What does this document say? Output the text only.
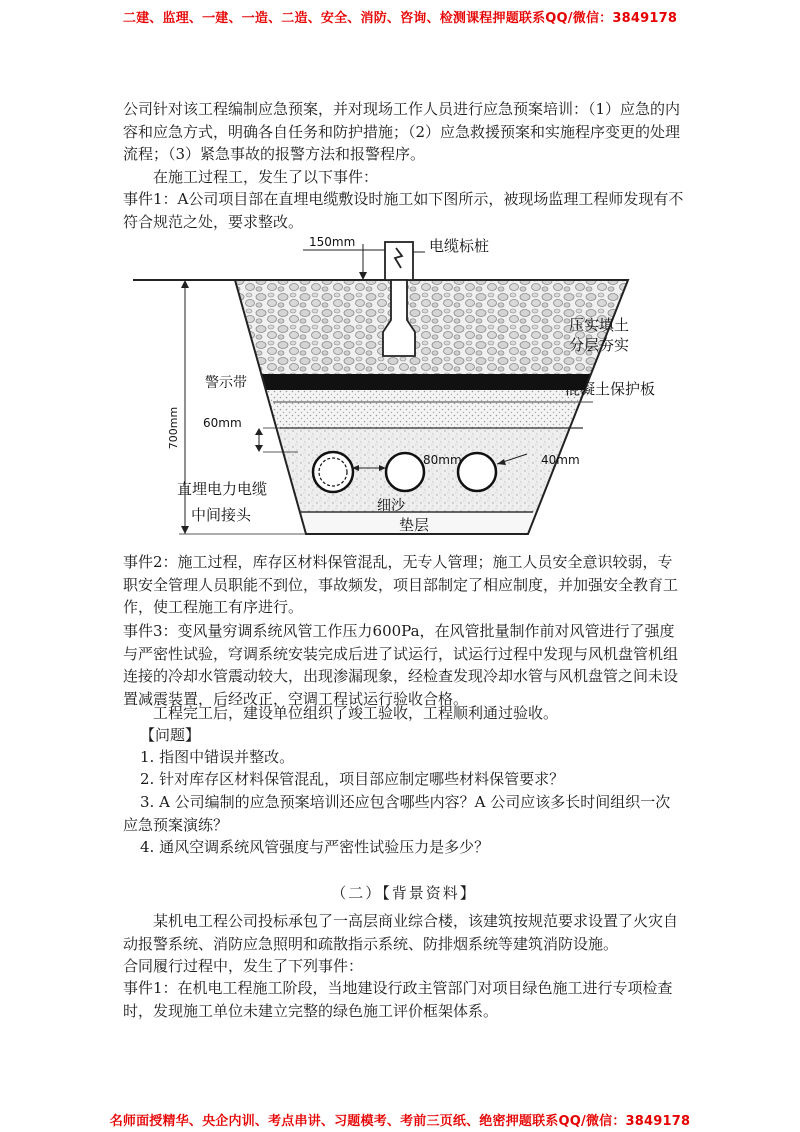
二建、监理、一建、一造、二造、安全、消防、咨询、检测课程押题联系QQ/微信：3849178

公司针对该工程编制应急预案，并对现场工作人员进行应急预案培训：（1）应急的内容和应急方式，明确各自任务和防护措施；（2）应急救援预案和实施程序变更的处理流程；（3）紧急事故的报警方法和报警程序。

在施工过程工，发生了以下事件：

事件1：A公司项目部在直埋电缆敷设时施工如下图所示，被现场监理工程师发现有不符合规范之处，要求整改。

150mm	电缆标桩
700mm 60mm
80mm	40mm
压实填土
分层夯实
警示带	混凝土保护板
直埋电力电缆
中间接头	细沙
垫层

事件2：施工过程，库存区材料保管混乱，无专人管理；施工人员安全意识较弱，专职安全管理人员职能不到位，事故频发，项目部制定了相应制度，并加强安全教育工作，使工程施工有序进行。

事件3：变风量穷调系统风管工作压力600Pa，在风管批量制作前对风管进行了强度与严密性试验，穹调系统安装完成后进了试运行，试运行过程中发现与风机盘管机组连接的冷却水管震动较大，出现渗漏现象，经检查发现冷却水管与风机盘管之间未设置减震装置，后经改正，空调工程试运行验收合格。

工程完工后，建设单位组织了竣工验收，工程顺利通过验收。

【问题】

1. 指图中错误并整改。

2. 针对库存区材料保管混乱，项目部应制定哪些材料保管要求？

3. A 公司编制的应急预案培训还应包含哪些内容？A 公司应该多长时间组织一次应急预案演练？

4. 通风空调系统风管强度与严密性试验压力是多少？

（二）【背景资料】

某机电工程公司投标承包了一高层商业综合楼，该建筑按规范要求设置了火灾自动报警系统、消防应急照明和疏散指示系统、防排烟系统等建筑消防设施。

合同履行过程中，发生了下列事件：

事件1：在机电工程施工阶段，当地建设行政主管部门对项目绿色施工进行专项检查时，发现施工单位未建立完整的绿色施工评价框架体系。

名师面授精华、央企内训、考点串讲、习题模考、考前三页纸、绝密押题联系QQ/微信：3849178
